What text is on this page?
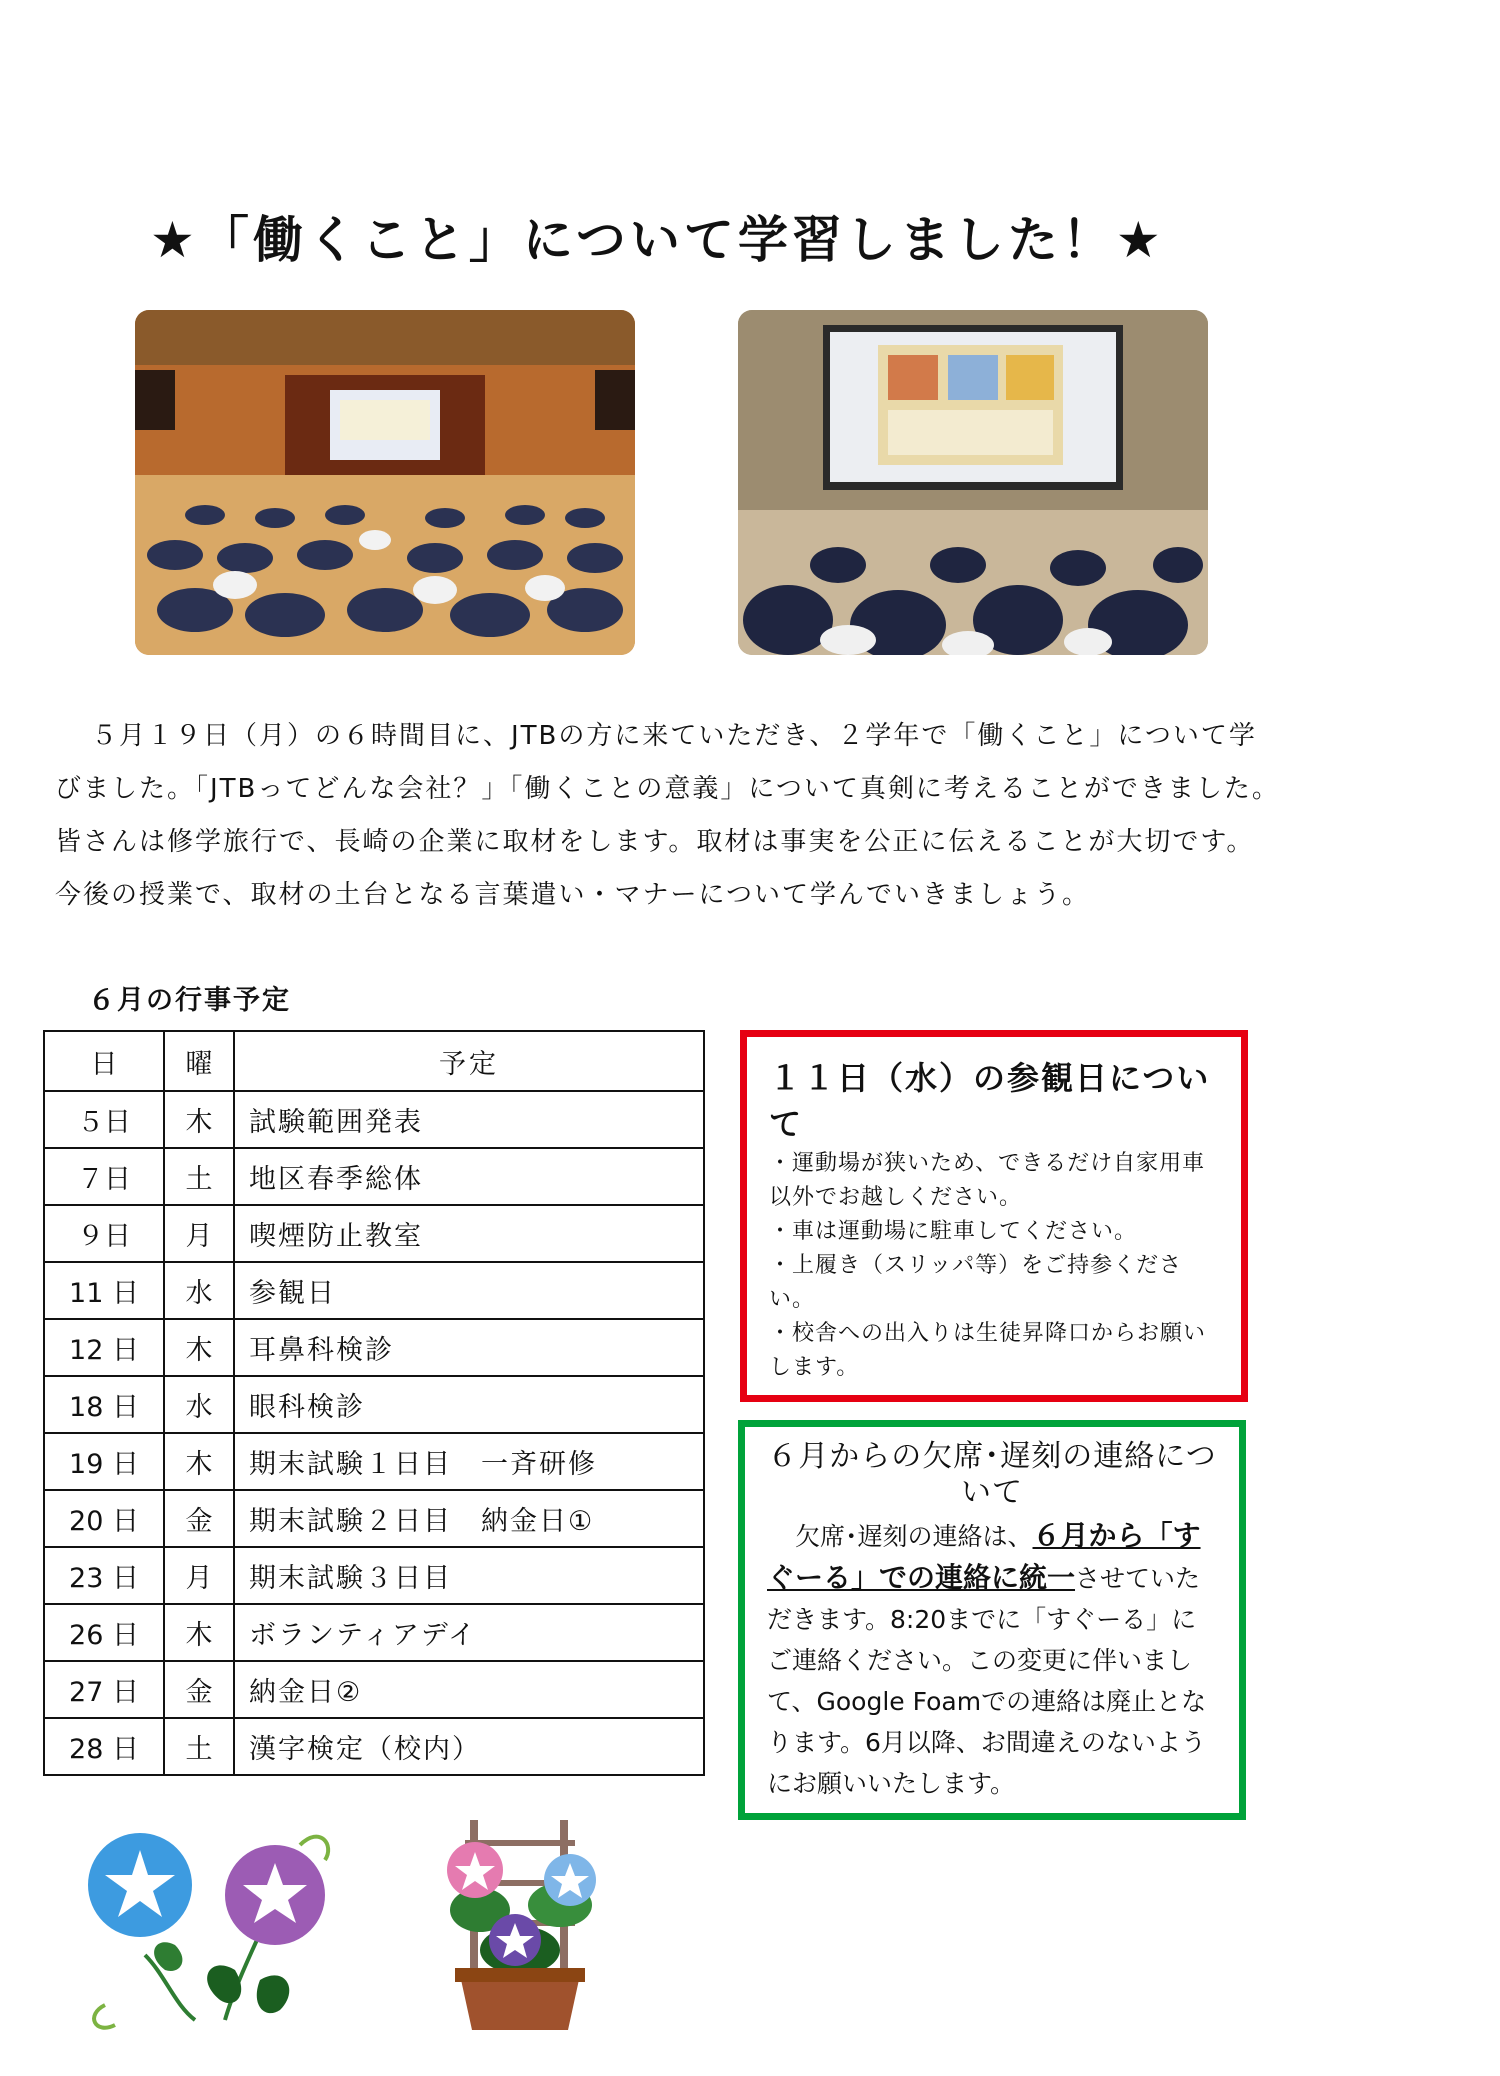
★「働くこと」について学習しました！★

５月１９日（月）の６時間目に、JTBの方に来ていただき、２学年で「働くこと」について学

びました。「JTBってどんな会社？」「働くことの意義」について真剣に考えることができました。

皆さんは修学旅行で、長崎の企業に取材をします。取材は事実を公正に伝えることが大切です。

今後の授業で、取材の土台となる言葉遣い・マナーについて学んでいきましょう。

６月の行事予定
日	曜	予定
５日	木	試験範囲発表
７日	土	地区春季総体
９日	月	喫煙防止教室
11 日	水	参観日
12 日	木	耳鼻科検診
18 日	水	眼科検診
19 日	木	期末試験１日目　一斉研修
20 日	金	期末試験２日目　納金日①
23 日	月	期末試験３日目
26 日	木	ボランティアデイ
27 日	金	納金日②
28 日	土	漢字検定（校内）
１１日（水）の参観日について
・運動場が狭いため、できるだけ自家用車以外でお越しください。
・車は運動場に駐車してください。
・上履き（スリッパ等）をご持参ください。
・校舎への出入りは生徒昇降口からお願いします。
６月からの欠席･遅刻の連絡について
欠席･遅刻の連絡は、６月から「すぐーる」での連絡に統一させていただきます。8:20までに「すぐーる」にご連絡ください。この変更に伴いまして、Google Foamでの連絡は廃止となります。6月以降、お間違えのないようにお願いいたします。
